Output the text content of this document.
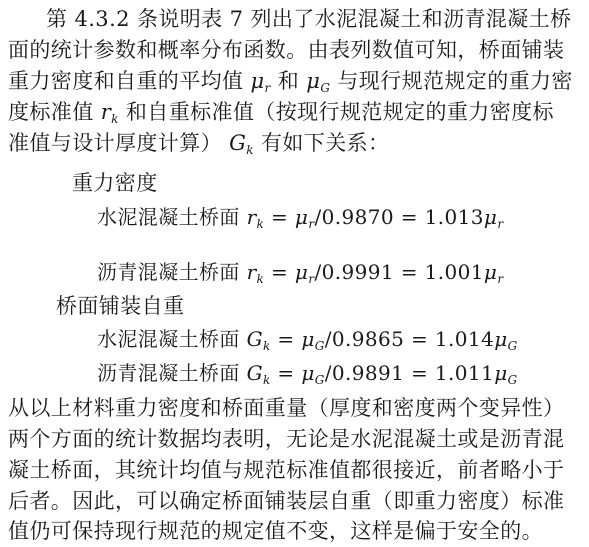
第 4.3.2 条说明表 7 列出了水泥混凝土和沥青混凝土桥
面的统计参数和概率分布函数。由表列数值可知，桥面铺装
重力密度和自重的平均值 $\mu_r$ 和 $\mu_G$ 与现行规范规定的重力密
度标准值 $r_k$ 和自重标准值（按现行规范规定的重力密度标
准值与设计厚度计算） $G_k$ 有如下关系：
重力密度
水泥混凝土桥面 $r_k = \mu_r/0.9870 = 1.013\mu_r$
沥青混凝土桥面 $r_k = \mu_r/0.9991 = 1.001\mu_r$
桥面铺装自重
水泥混凝土桥面 $G_k = \mu_G/0.9865 = 1.014\mu_G$
沥青混凝土桥面 $G_k = \mu_G/0.9891 = 1.011\mu_G$
从以上材料重力密度和桥面重量（厚度和密度两个变异性）
两个方面的统计数据均表明，无论是水泥混凝土或是沥青混
凝土桥面，其统计均值与规范标准值都很接近，前者略小于
后者。因此，可以确定桥面铺装层自重（即重力密度）标准
值仍可保持现行规范的规定值不变，这样是偏于安全的。
